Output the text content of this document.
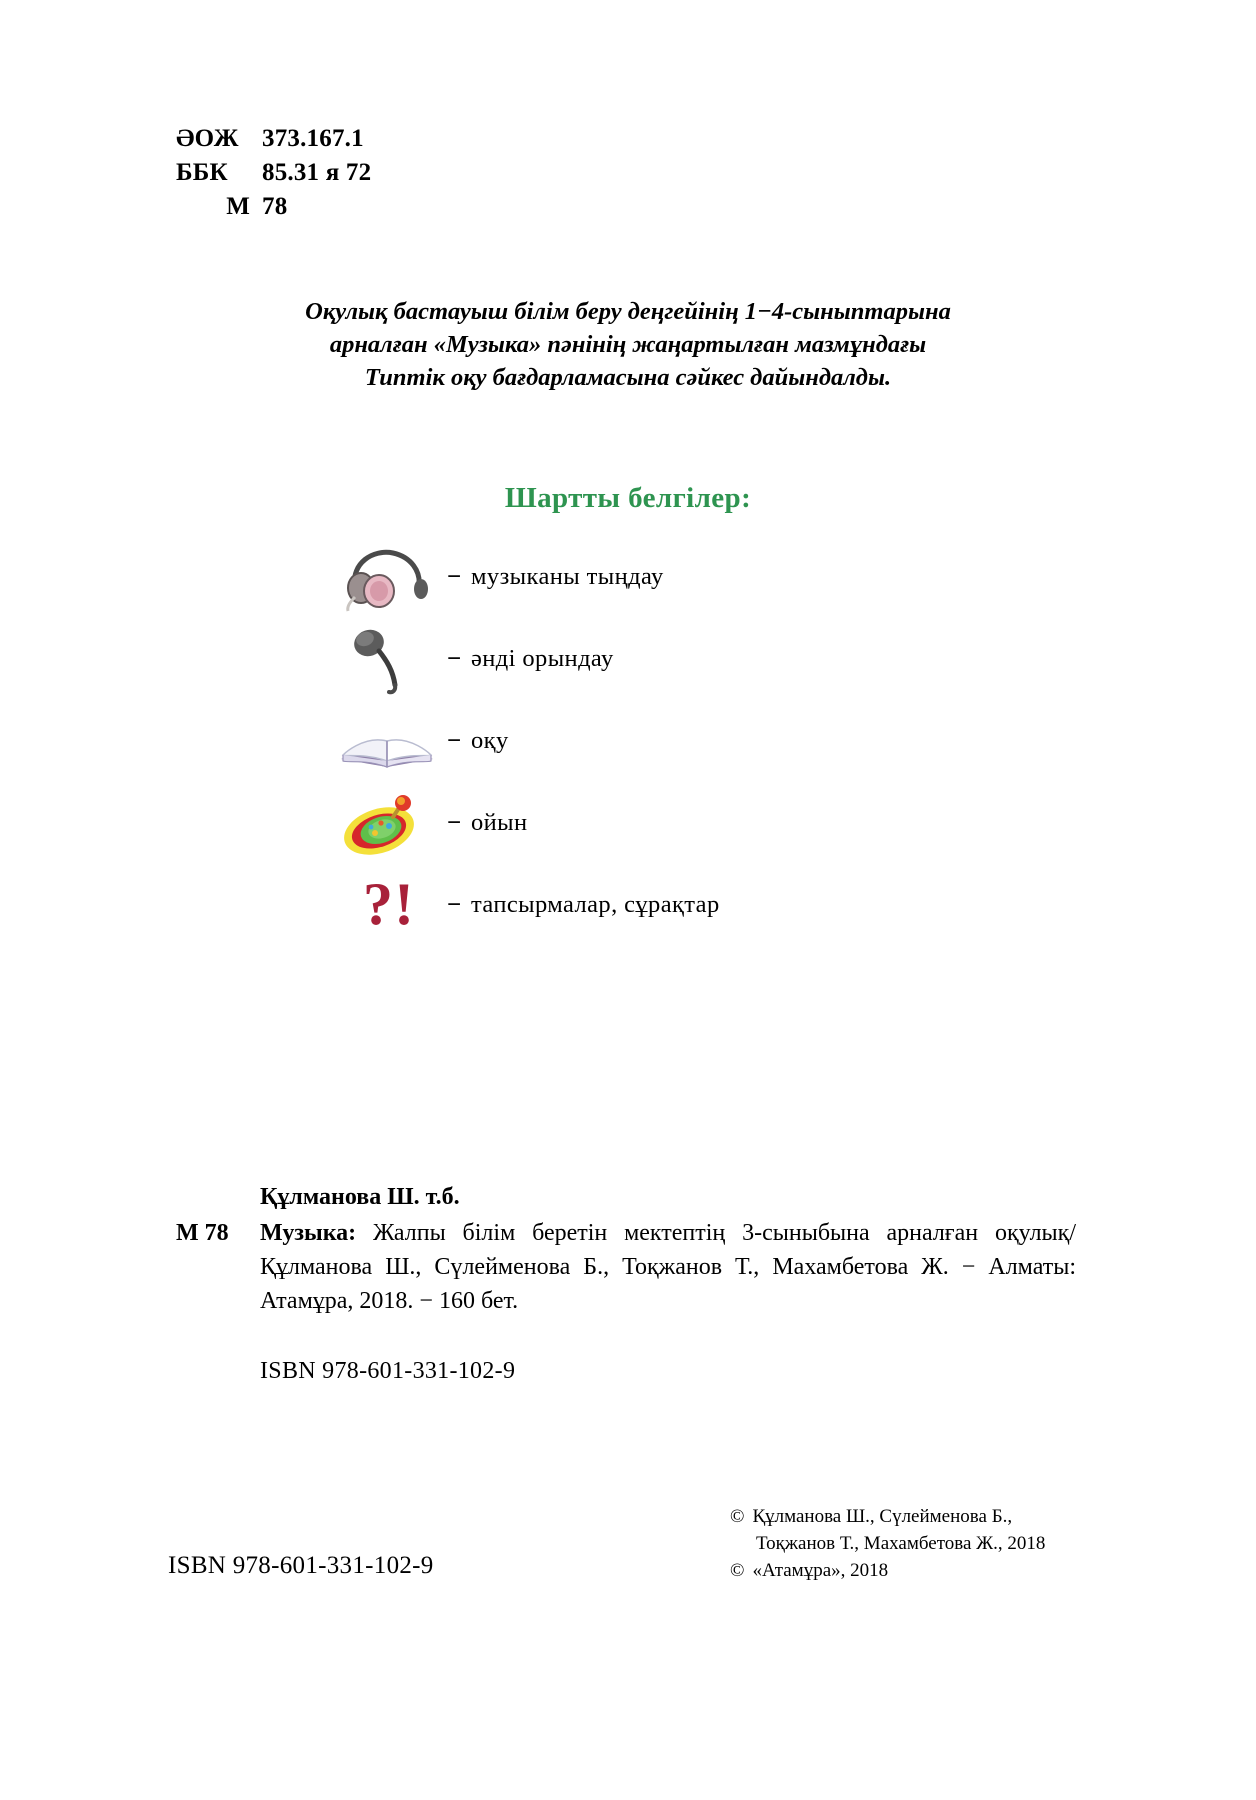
ӘОЖ 373.167.1
ББК	85.31 я 72
М 78
Оқулық бастауыш білім беру деңгейінің 1−4-сыныптарына
арналған «Музыка» пәнінің жаңартылған мазмұндағы
Типтік оқу бағдарламасына сәйкес дайындалды.
Шартты белгілер:
− музыканы тыңдау
− әнді орындау
− оқу
− ойын
?!	− тапсырмалар, сұрақтар
Құлманова Ш. т.б.
М 78	Музыка: Жалпы білім беретін мектептің 3-сыныбына арналған оқулық/ Құлманова Ш., Сүлейменова Б., Тоқжанов Т., Махамбетова Ж. − Алматы: Атамұра, 2018. − 160 бет.
ISBN 978-601-331-102-9
© Құлманова Ш., Сүлейменова Б.,
Тоқжанов Т., Махамбетова Ж., 2018
© «Атамұра», 2018
ISBN 978-601-331-102-9
